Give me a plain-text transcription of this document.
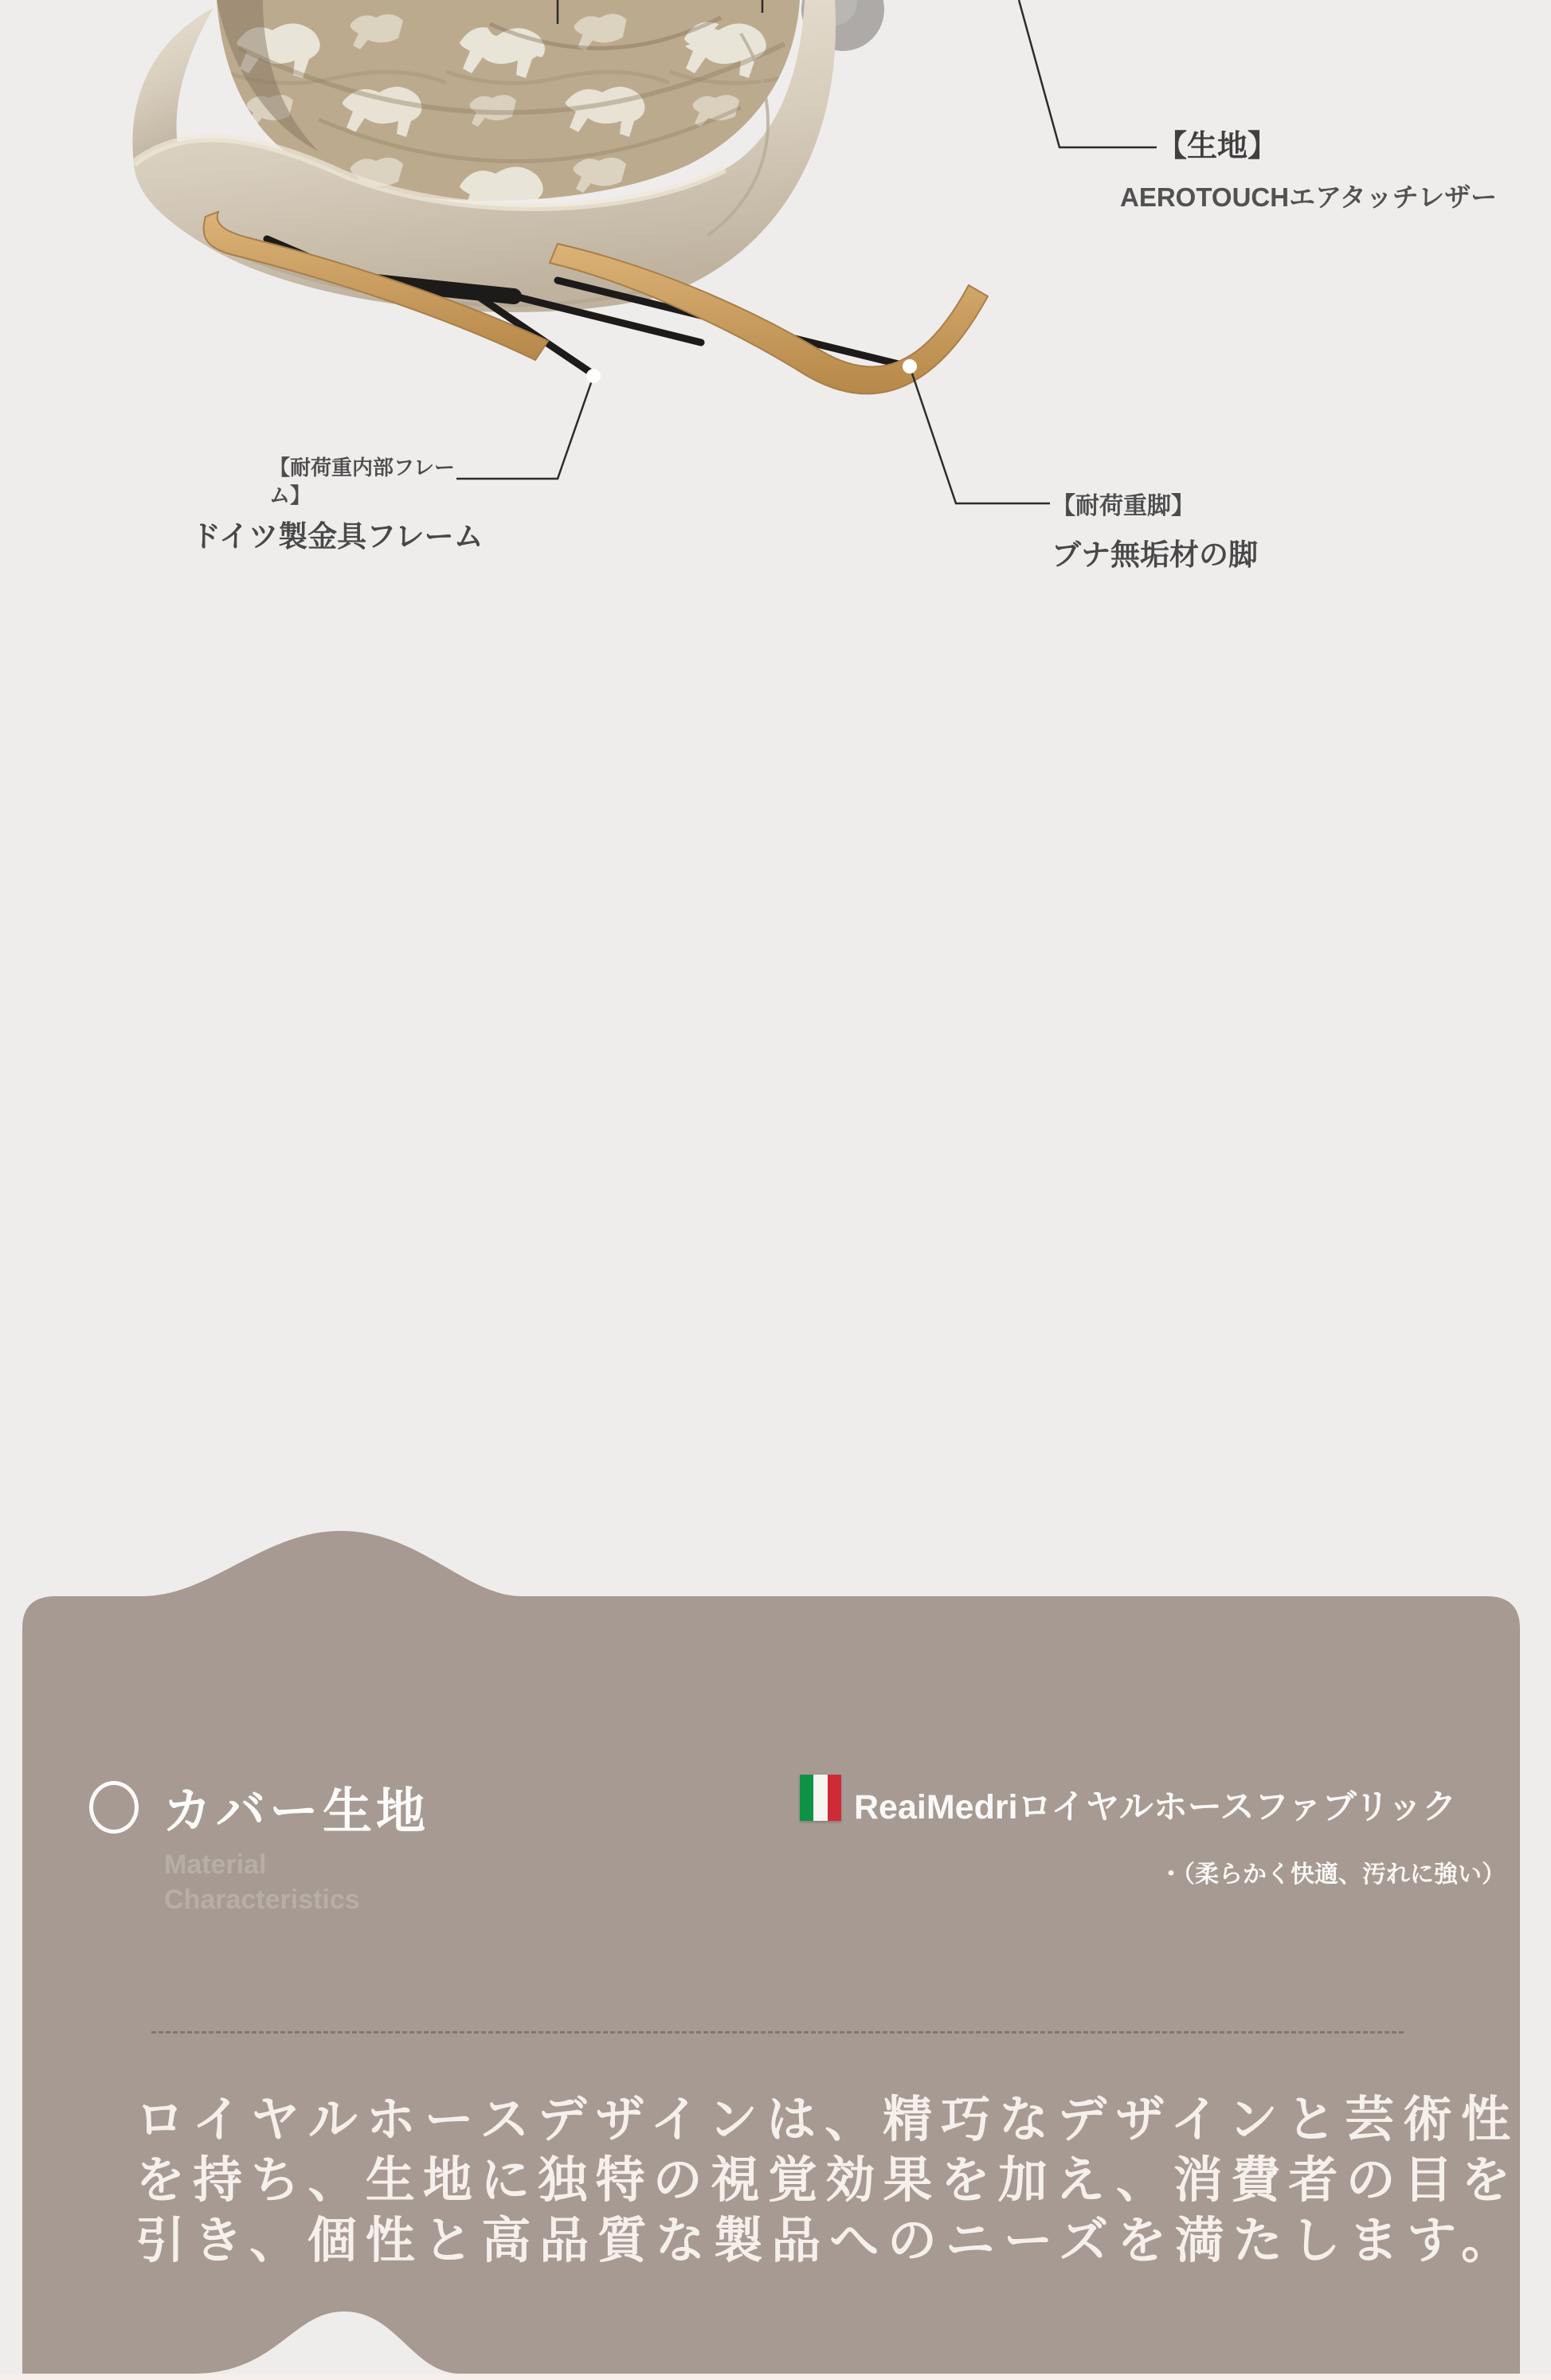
【生地】
AEROTOUCHエアタッチレザー
【耐荷重内部フレーム】
ドイツ製金具フレーム
【耐荷重脚】
ブナ無垢材の脚
カバー生地
Material
Characteristics
ReaiMedriロイヤルホースファブリック
・（柔らかく快適、汚れに強い）
ロイヤルホースデザインは、精巧なデザインと芸術性
を持ち、生地に独特の視覚効果を加え、消費者の目を
引き、個性と高品質な製品へのニーズを満たします。
